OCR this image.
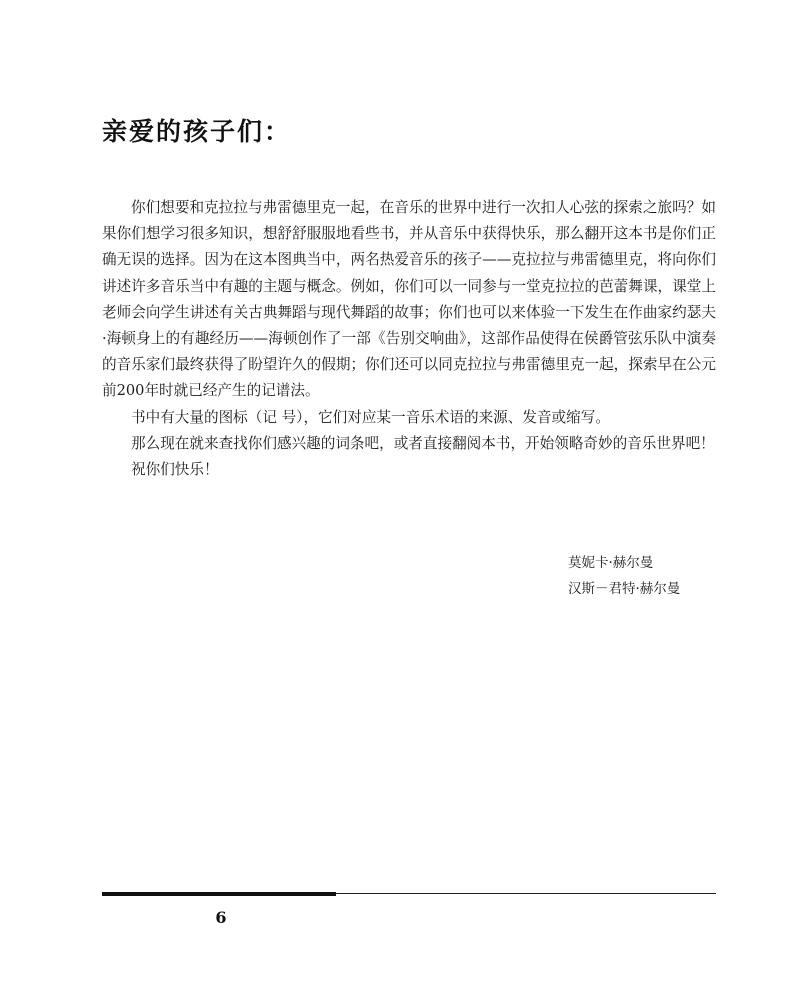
亲爱的孩子们：

你们想要和克拉拉与弗雷德里克一起，在音乐的世界中进行一次扣人心弦的探索之旅吗？如果你们想学习很多知识，想舒舒服服地看些书，并从音乐中获得快乐，那么翻开这本书是你们正确无误的选择。因为在这本图典当中，两名热爱音乐的孩子——克拉拉与弗雷德里克，将向你们讲述许多音乐当中有趣的主题与概念。例如，你们可以一同参与一堂克拉拉的芭蕾舞课，课堂上老师会向学生讲述有关古典舞蹈与现代舞蹈的故事；你们也可以来体验一下发生在作曲家约瑟夫·海顿身上的有趣经历——海顿创作了一部《告别交响曲》，这部作品使得在侯爵管弦乐队中演奏的音乐家们最终获得了盼望许久的假期；你们还可以同克拉拉与弗雷德里克一起，探索早在公元前200年时就已经产生的记谱法。

书中有大量的图标（记 号），它们对应某一音乐术语的来源、发音或缩写。

那么现在就来查找你们感兴趣的词条吧，或者直接翻阅本书，开始领略奇妙的音乐世界吧！

祝你们快乐！

莫妮卡·赫尔曼
汉斯－君特·赫尔曼
6
